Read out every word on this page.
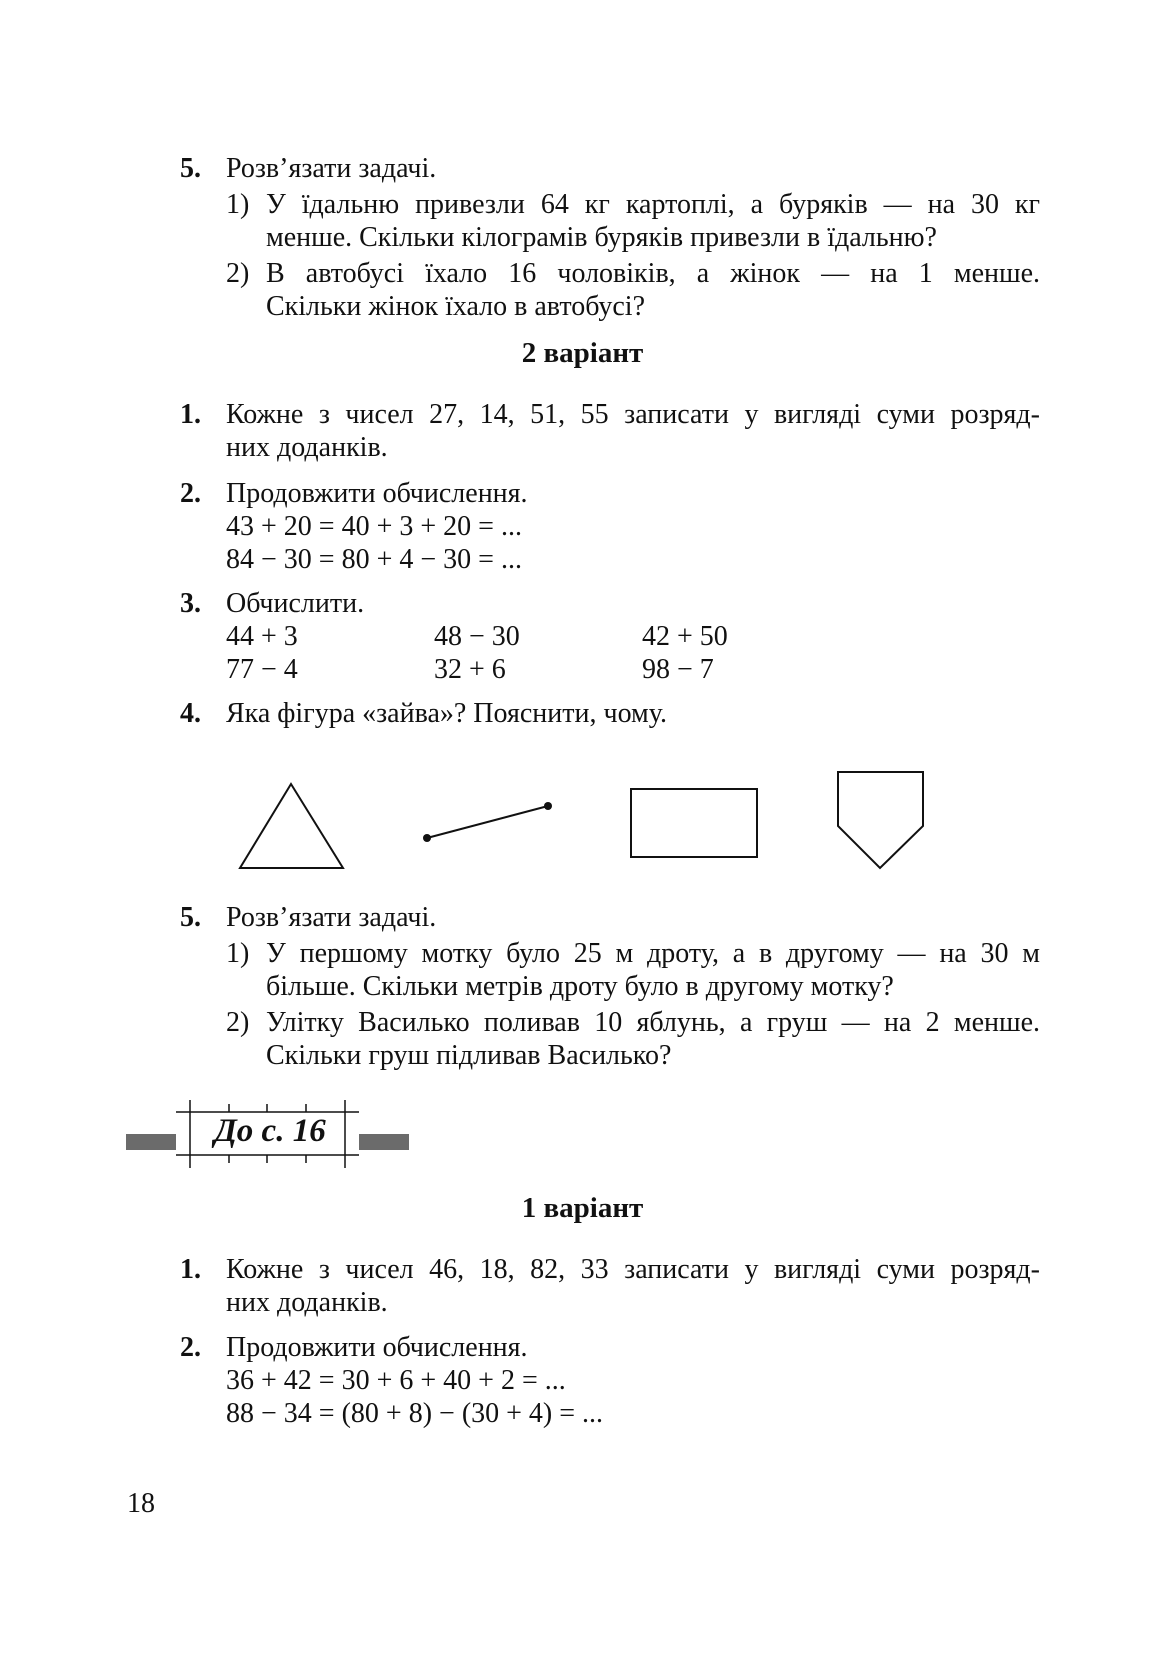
5. Розв’язати задачі.
1) У їдальню привезли 64 кг картоплі, а буряків — на 30 кг
менше. Скільки кілограмів буряків привезли в їдальню?
2) В автобусі їхало 16 чоловіків, а жінок — на 1 менше.
Скільки жінок їхало в автобусі?
2 варіант
1. Кожне з чисел 27, 14, 51, 55 записати у вигляді суми розряд-
них доданків.
2. Продовжити обчислення.
43 + 20 = 40 + 3 + 20 = ...
84 − 30 = 80 + 4 − 30 = ...
3. Обчислити.
44 + 3	48 − 30	42 + 50
77 − 4	32 + 6	98 − 7
4. Яка фігура «зайва»? Пояснити, чому.
5. Розв’язати задачі.
1) У першому мотку було 25 м дроту, а в другому — на 30 м
більше. Скільки метрів дроту було в другому мотку?
2) Улітку Василько поливав 10 яблунь, а груш — на 2 менше.
Скільки груш підливав Василько?
До с. 16
1 варіант
1. Кожне з чисел 46, 18, 82, 33 записати у вигляді суми розряд-
них доданків.
2. Продовжити обчислення.
36 + 42 = 30 + 6 + 40 + 2 = ...
88 − 34 = (80 + 8) − (30 + 4) = ...
18
